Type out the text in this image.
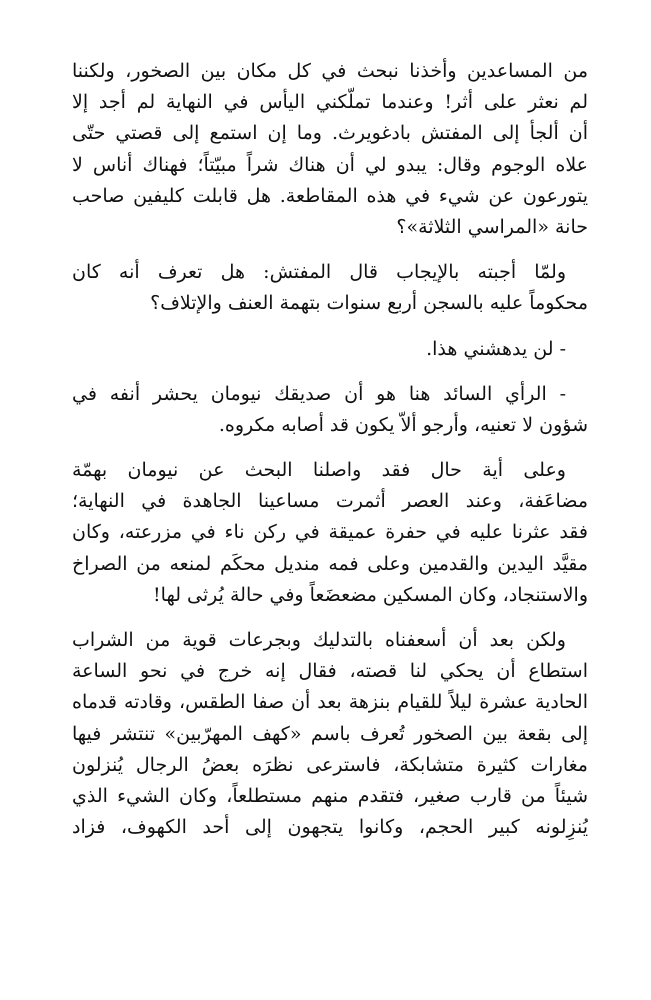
من المساعدين وأخذنا نبحث في كل مكان بين الصخور، ولكننا
لم نعثر على أثر! وعندما تملّكني اليأس في النهاية لم أجد إلا
أن ألجأ إلى المفتش بادغويرث. وما إن استمع إلى قصتي حتّى
علاه الوجوم وقال: يبدو لي أن هناك شراً مبيّتاً؛ فهناك أناس لا
يتورعون عن شيء في هذه المقاطعة. هل قابلت كليفين صاحب
حانة «المراسي الثلاثة»؟
ولمّا أجبته بالإيجاب قال المفتش: هل تعرف أنه كان
محكوماً عليه بالسجن أربع سنوات بتهمة العنف والإتلاف؟
- لن يدهشني هذا.
- الرأي السائد هنا هو أن صديقك نيومان يحشر أنفه في
شؤون لا تعنيه، وأرجو ألاّ يكون قد أصابه مكروه.
وعلى أية حال فقد واصلنا البحث عن نيومان بهمّة
مضاعَفة، وعند العصر أثمرت مساعينا الجاهدة في النهاية؛
فقد عثرنا عليه في حفرة عميقة في ركن ناء في مزرعته، وكان
مقيَّد اليدين والقدمين وعلى فمه منديل محكَم لمنعه من الصراخ
والاستنجاد، وكان المسكين مضعضَعاً وفي حالة يُرثى لها!
ولكن بعد أن أسعفناه بالتدليك وبجرعات قوية من الشراب
استطاع أن يحكي لنا قصته، فقال إنه خرج في نحو الساعة
الحادية عشرة ليلاً للقيام بنزهة بعد أن صفا الطقس، وقادته قدماه
إلى بقعة بين الصخور تُعرف باسم «كهف المهرّبين» تنتشر فيها
مغارات كثيرة متشابكة، فاسترعى نظرَه بعضُ الرجال يُنزلون
شيئاً من قارب صغير، فتقدم منهم مستطلعاً، وكان الشيء الذي
يُنزِلونه كبير الحجم، وكانوا يتجهون إلى أحد الكهوف، فزاد
